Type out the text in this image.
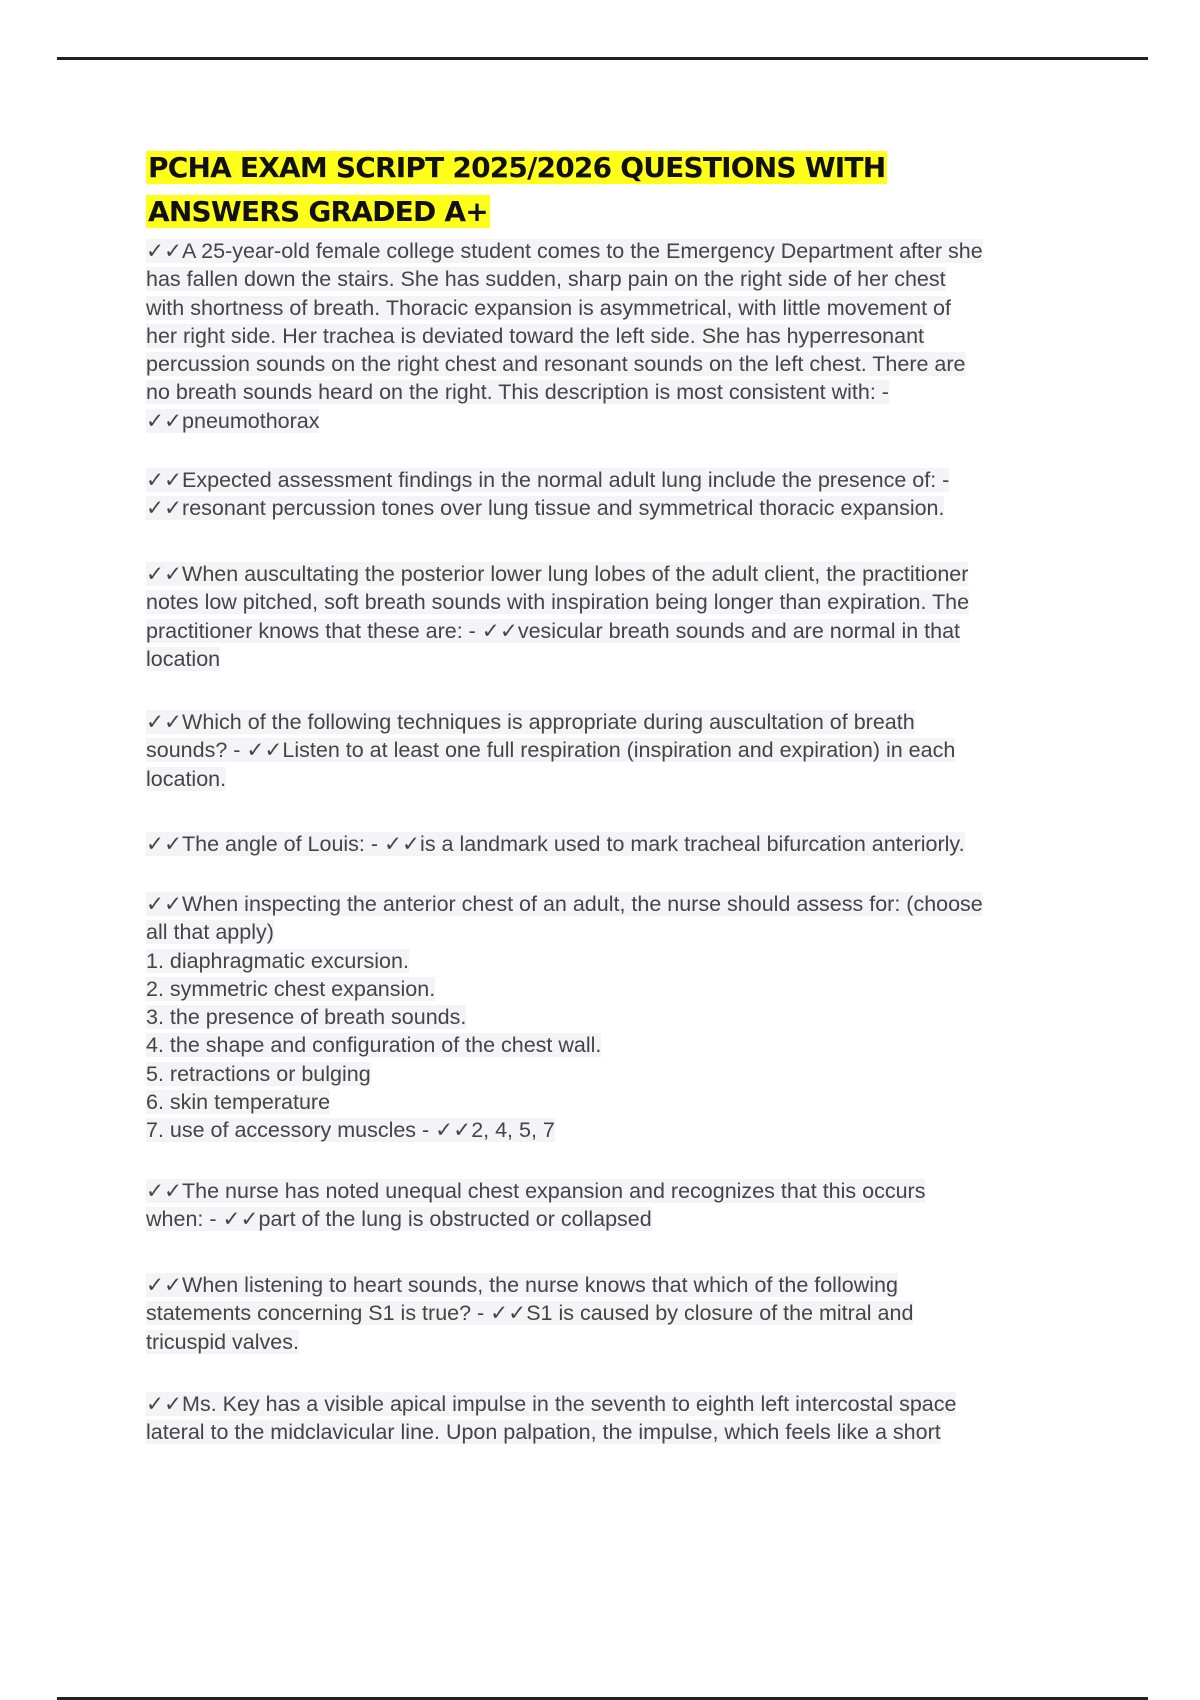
PCHA EXAM SCRIPT 2025/2026 QUESTIONS WITH
ANSWERS GRADED A+
✓✓A 25-year-old female college student comes to the Emergency Department after she
has fallen down the stairs. She has sudden, sharp pain on the right side of her chest
with shortness of breath. Thoracic expansion is asymmetrical, with little movement of
her right side. Her trachea is deviated toward the left side. She has hyperresonant
percussion sounds on the right chest and resonant sounds on the left chest. There are
no breath sounds heard on the right. This description is most consistent with: -
✓✓pneumothorax
✓✓Expected assessment findings in the normal adult lung include the presence of: -
✓✓resonant percussion tones over lung tissue and symmetrical thoracic expansion.
✓✓When auscultating the posterior lower lung lobes of the adult client, the practitioner
notes low pitched, soft breath sounds with inspiration being longer than expiration. The
practitioner knows that these are: - ✓✓vesicular breath sounds and are normal in that
location
✓✓Which of the following techniques is appropriate during auscultation of breath
sounds? - ✓✓Listen to at least one full respiration (inspiration and expiration) in each
location.
✓✓The angle of Louis: - ✓✓is a landmark used to mark tracheal bifurcation anteriorly.
✓✓When inspecting the anterior chest of an adult, the nurse should assess for: (choose
all that apply)
1. diaphragmatic excursion.
2. symmetric chest expansion.
3. the presence of breath sounds.
4. the shape and configuration of the chest wall.
5. retractions or bulging
6. skin temperature
7. use of accessory muscles - ✓✓2, 4, 5, 7
✓✓The nurse has noted unequal chest expansion and recognizes that this occurs
when: - ✓✓part of the lung is obstructed or collapsed
✓✓When listening to heart sounds, the nurse knows that which of the following
statements concerning S1 is true? - ✓✓S1 is caused by closure of the mitral and
tricuspid valves.
✓✓Ms. Key has a visible apical impulse in the seventh to eighth left intercostal space
lateral to the midclavicular line. Upon palpation, the impulse, which feels like a short
